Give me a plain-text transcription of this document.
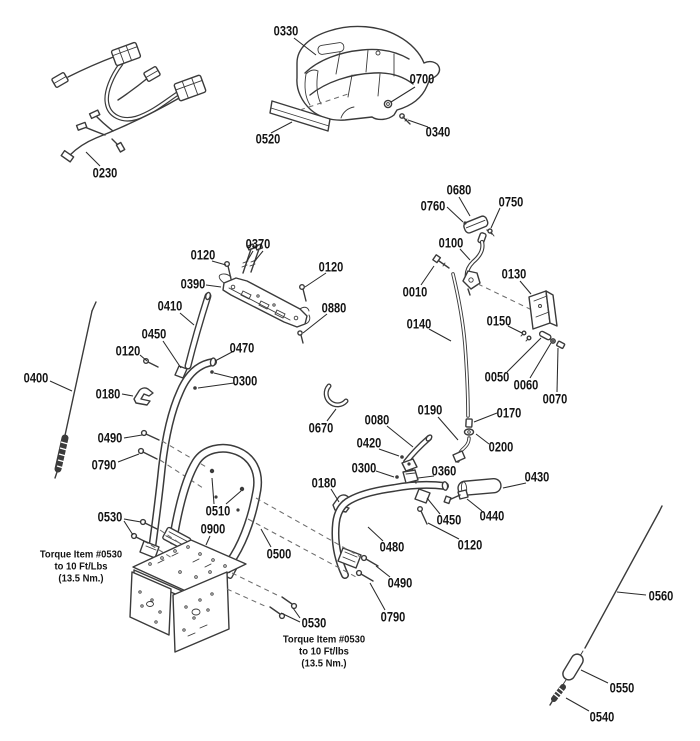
0230
0330
0700
0340
0520
0120
0370
0120
0390
0880
0410
0450
0470
0120
0400	0300
0180
0680
0760	0750
0100
0010
0130
0140	0150
0050
0060
0070
0670
0190	0170
0200
0080
0420
0300	0360	0430
0180
0440
0450
0120
0480
0490
0790
0530	0510
0900
0500
0490
0790
0530
0560
0550
0540
Torque Item #0530
to 10 Ft/Lbs
(13.5 Nm.)
Torque Item #0530
to 10 Ft/lbs
(13.5 Nm.)
